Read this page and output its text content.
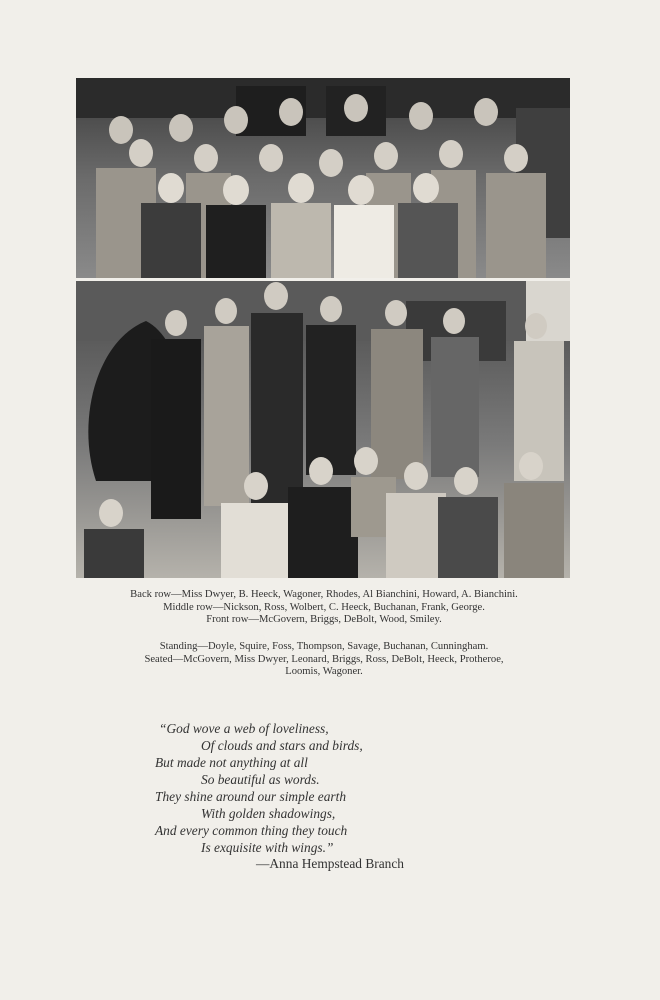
Back row—Miss Dwyer, B. Heeck, Wagoner, Rhodes, Al Bianchini, Howard, A. Bianchini.
Middle row—Nickson, Ross, Wolbert, C. Heeck, Buchanan, Frank, George.
Front row—McGovern, Briggs, DeBolt, Wood, Smiley.
Standing—Doyle, Squire, Foss, Thompson, Savage, Buchanan, Cunningham.
Seated—McGovern, Miss Dwyer, Leonard, Briggs, Ross, DeBolt, Heeck, Protheroe,
Loomis, Wagoner.
“God wove a web of loveliness,
Of clouds and stars and birds,
But made not anything at all
So beautiful as words.
They shine around our simple earth
With golden shadowings,
And every common thing they touch
Is exquisite with wings.”
—Anna Hempstead Branch
